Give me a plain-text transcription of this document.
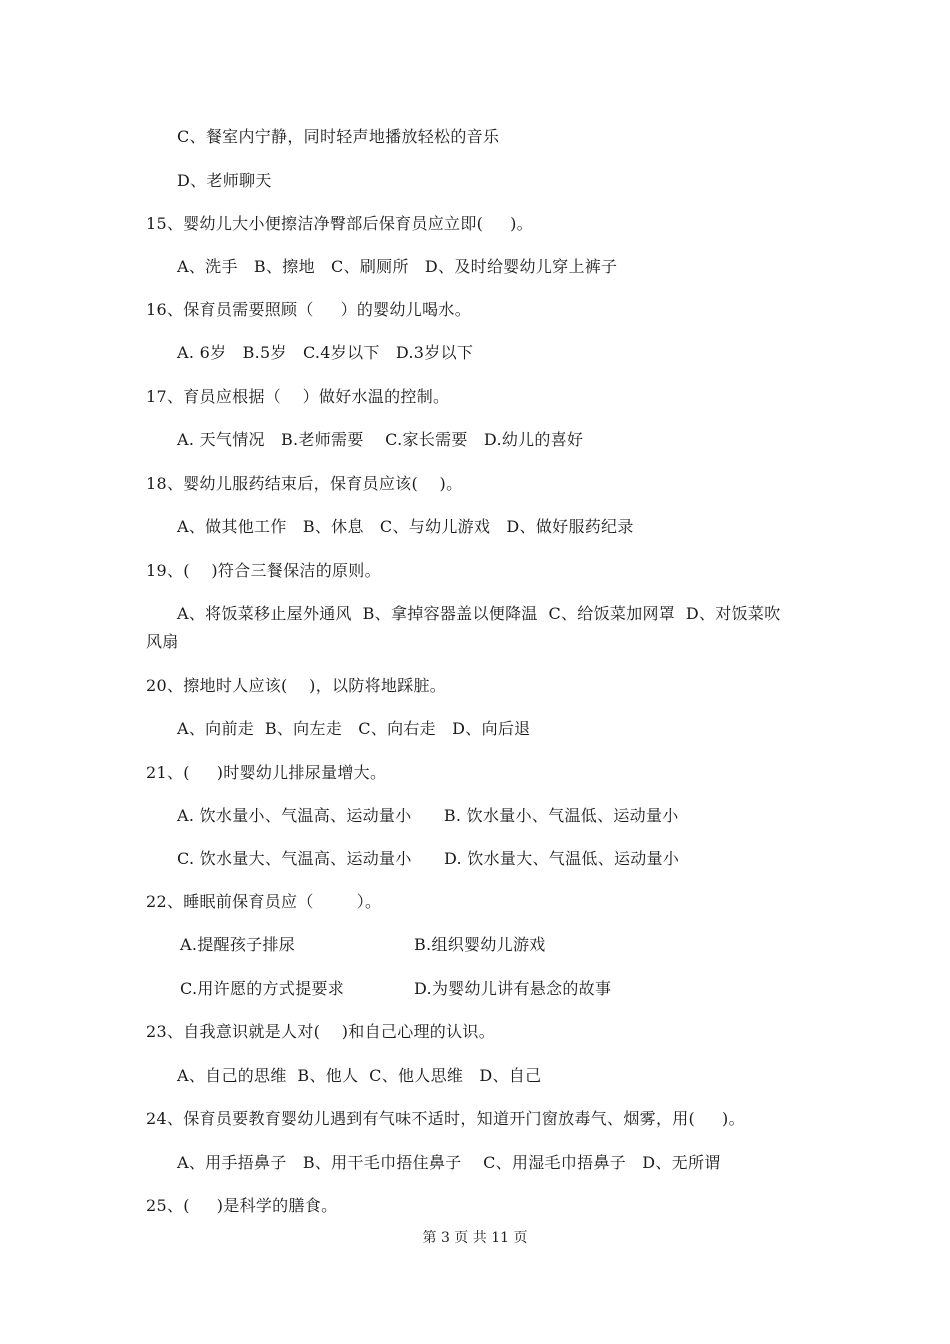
C、餐室内宁静，同时轻声地播放轻松的音乐
D、老师聊天
15、婴幼儿大小便擦洁净臀部后保育员应立即(     )。
A、洗手   B、擦地   C、刷厕所   D、及时给婴幼儿穿上裤子
16、保育员需要照顾（     ）的婴幼儿喝水。
A. 6岁   B.5岁   C.4岁以下   D.3岁以下
17、育员应根据（    ）做好水温的控制。
A. 天气情况   B.老师需要    C.家长需要   D.幼儿的喜好
18、婴幼儿服药结束后，保育员应该(    )。
A、做其他工作   B、休息   C、与幼儿游戏   D、做好服药纪录
19、(    )符合三餐保洁的原则。
A、将饭菜移止屋外通风  B、拿掉容器盖以便降温  C、给饭菜加网罩  D、对饭菜吹
风扇
20、擦地时人应该(    )，以防将地踩脏。
A、向前走  B、向左走   C、向右走   D、向后退
21、(     )时婴幼儿排尿量增大。
A. 饮水量小、气温高、运动量小      B. 饮水量小、气温低、运动量小
C. 饮水量大、气温高、运动量小      D. 饮水量大、气温低、运动量小
22、睡眠前保育员应（        ）。
A.提醒孩子排尿	B.组织婴幼儿游戏
C.用许愿的方式提要求	D.为婴幼儿讲有悬念的故事
23、自我意识就是人对(    )和自己心理的认识。
A、自己的思维  B、他人  C、他人思维   D、自己
24、保育员要教育婴幼儿遇到有气味不适时，知道开门窗放毒气、烟雾，用(     )。
A、用手捂鼻子   B、用干毛巾捂住鼻子    C、用湿毛巾捂鼻子   D、无所谓
25、(     )是科学的膳食。
第 3 页 共 11 页
